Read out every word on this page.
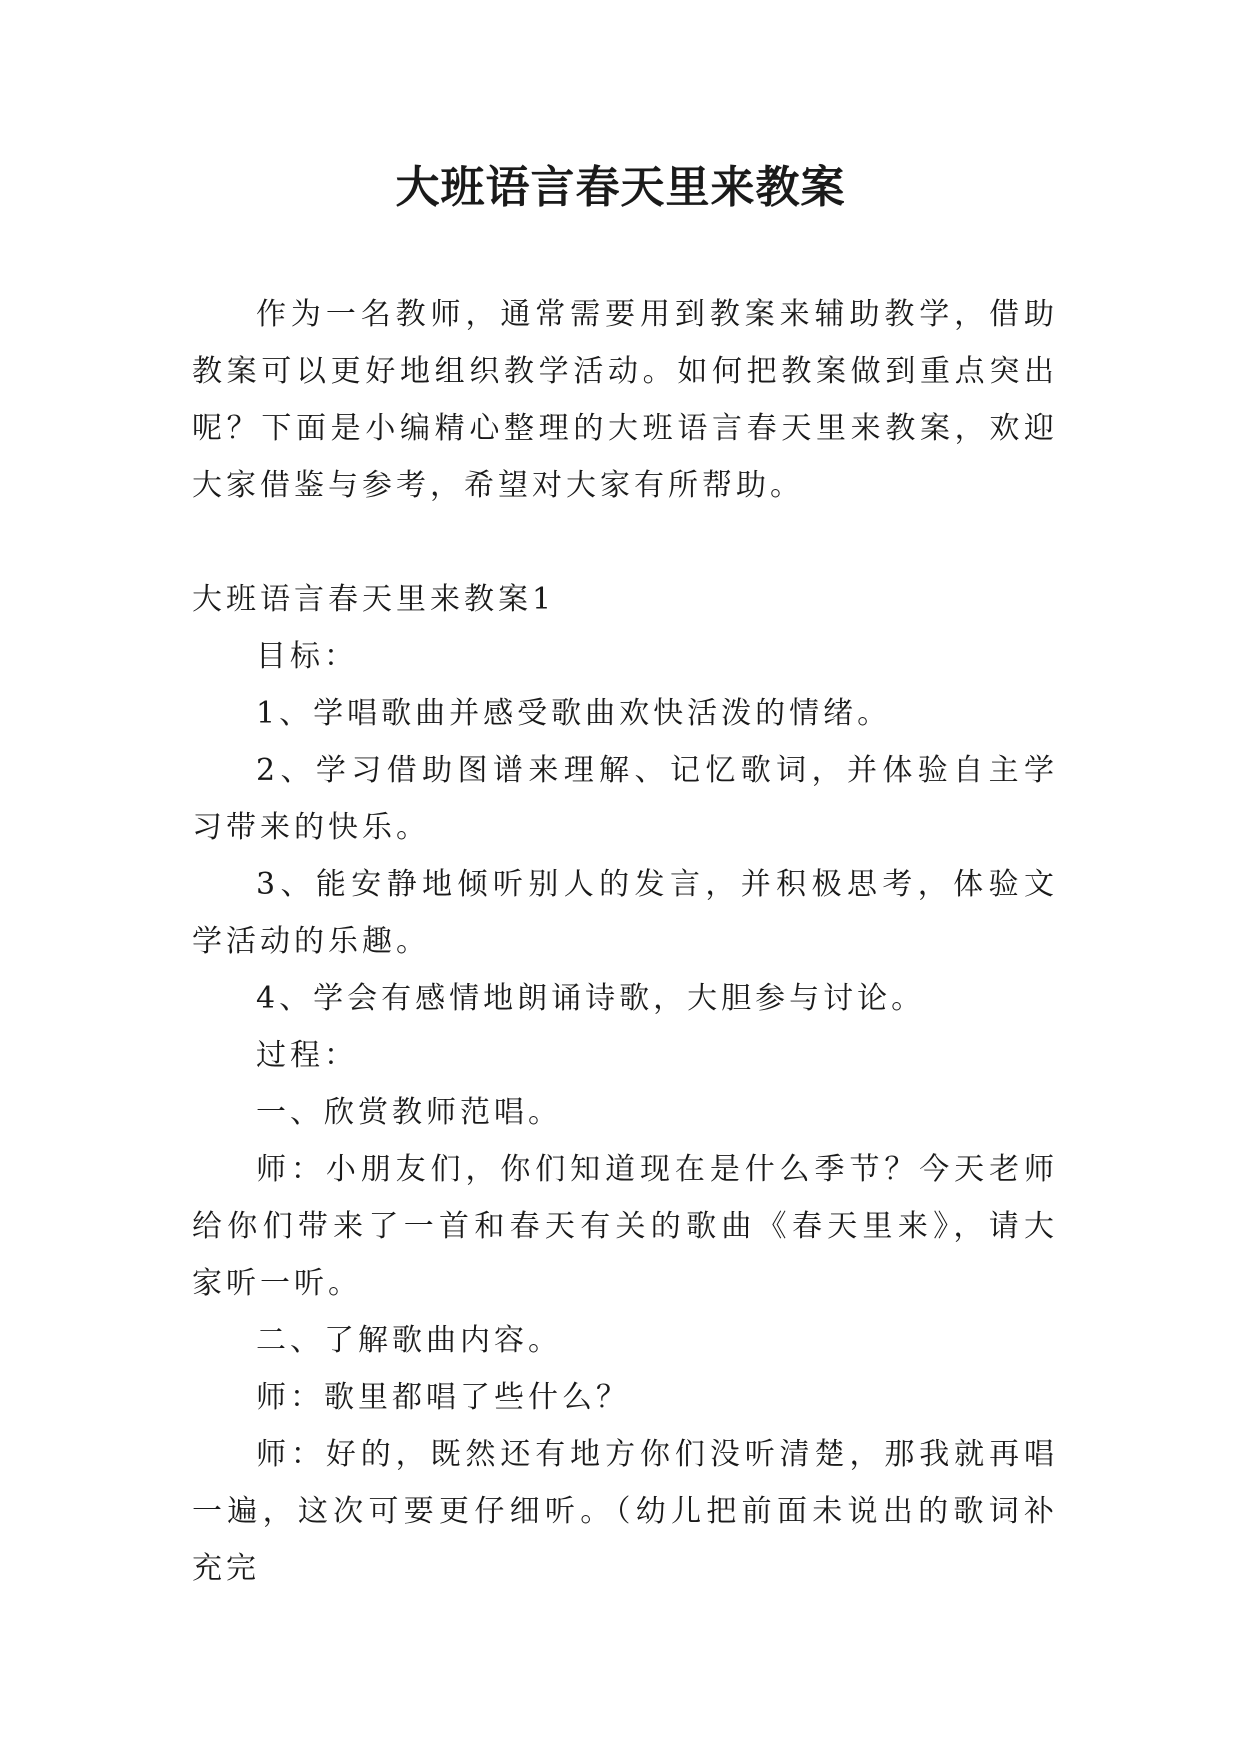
大班语言春天里来教案

作为一名教师，通常需要用到教案来辅助教学，借助教案可以更好地组织教学活动。如何把教案做到重点突出呢？下面是小编精心整理的大班语言春天里来教案，欢迎大家借鉴与参考，希望对大家有所帮助。

大班语言春天里来教案1

目标：

1、学唱歌曲并感受歌曲欢快活泼的情绪。

2、学习借助图谱来理解、记忆歌词，并体验自主学习带来的快乐。

3、能安静地倾听别人的发言，并积极思考，体验文学活动的乐趣。

4、学会有感情地朗诵诗歌，大胆参与讨论。

过程：

一、欣赏教师范唱。

师：小朋友们，你们知道现在是什么季节？今天老师给你们带来了一首和春天有关的歌曲《春天里来》，请大家听一听。

二、了解歌曲内容。

师：歌里都唱了些什么？

师：好的，既然还有地方你们没听清楚，那我就再唱一遍，这次可要更仔细听。（幼儿把前面未说出的歌词补充完
